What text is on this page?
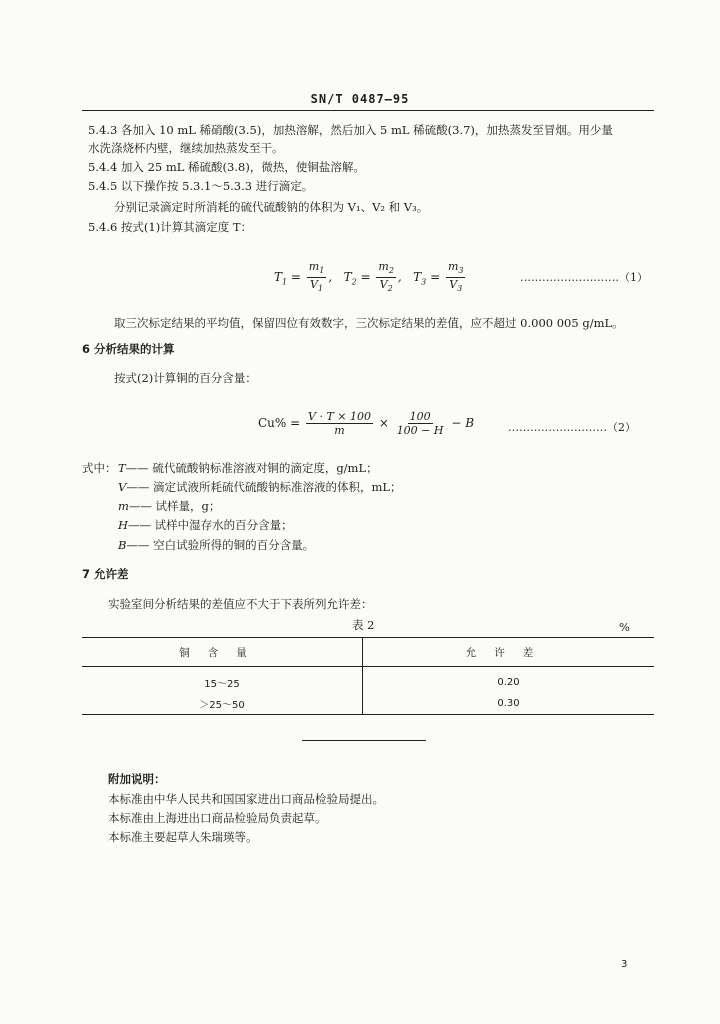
SN/T 0487—95
5.4.3 各加入 10 mL 稀硝酸(3.5)，加热溶解，然后加入 5 mL 稀硫酸(3.7)，加热蒸发至冒烟。用少量
水洗涤烧杯内壁，继续加热蒸发至干。
5.4.4 加入 25 mL 稀硫酸(3.8)，微热，使铜盐溶解。
5.4.5 以下操作按 5.3.1～5.3.3 进行滴定。
分别记录滴定时所消耗的硫代硫酸钠的体积为 V₁、V₂ 和 V₃。
5.4.6 按式(1)计算其滴定度 T：
$T_1 = \frac{m_1}{V_1}$ ,   $T_2 = \frac{m_2}{V_2}$ ,   $T_3 = \frac{m_3}{V_3}$	………………………（1）
取三次标定结果的平均值，保留四位有效数字，三次标定结果的差值，应不超过 0.000 005 g/mL。
6 分析结果的计算
按式(2)计算铜的百分含量：
$Cu\% = \frac{V \cdot T \times 100}{m} \times \frac{100}{100 - H} - B$	………………………（2）
式中： T—— 硫代硫酸钠标准溶液对铜的滴定度，g/mL；
V—— 滴定试液所耗硫代硫酸钠标准溶液的体积，mL；
m—— 试样量，g；
H—— 试样中湿存水的百分含量；
B—— 空白试验所得的铜的百分含量。
7 允许差
实验室间分析结果的差值应不大于下表所列允许差：
表 2	%
铜含量	允许差
15～25	0.20
＞25～50	0.30
附加说明：
本标准由中华人民共和国国家进出口商品检验局提出。
本标准由上海进出口商品检验局负责起草。
本标准主要起草人朱瑞瑛等。
3
